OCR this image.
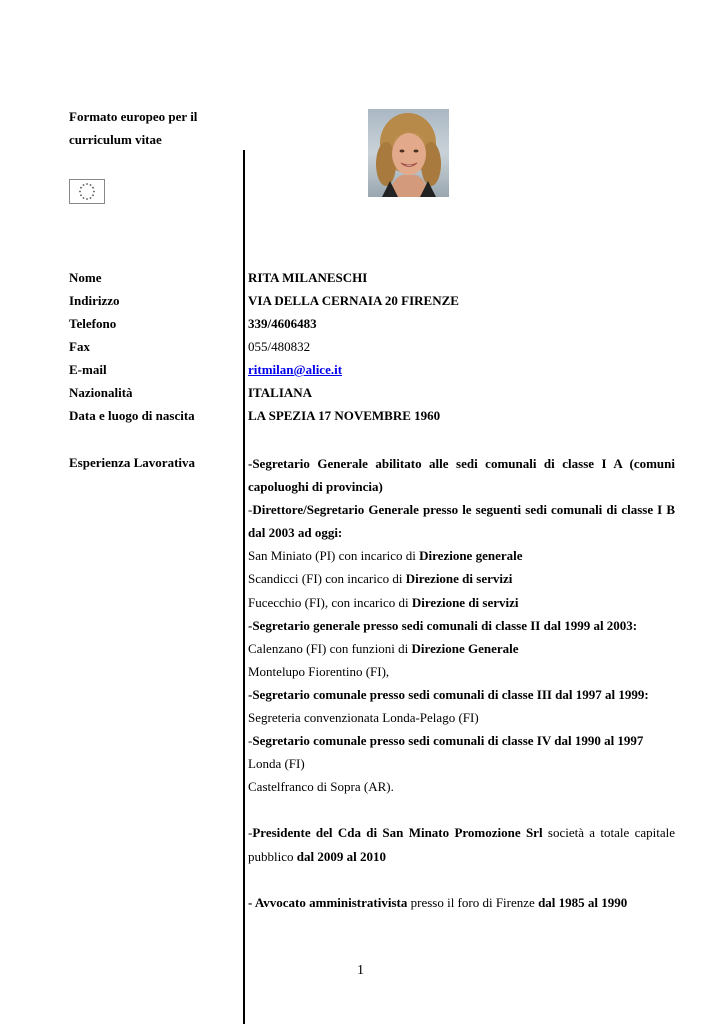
Formato europeo per il
curriculum vitae
Nome	RITA MILANESCHI
Indirizzo	VIA DELLA CERNAIA 20 FIRENZE
Telefono	339/4606483
Fax	055/480832
E-mail	ritmilan@alice.it
Nazionalità	ITALIANA
Data e luogo di nascita	LA SPEZIA 17 NOVEMBRE 1960
Esperienza Lavorativa	-Segretario Generale abilitato alle sedi comunali di classe I A (comuni capoluoghi di provincia)

-Direttore/Segretario Generale presso le seguenti sedi comunali di classe I B dal 2003 ad oggi:

San Miniato (PI) con incarico di Direzione generale

Scandicci (FI) con incarico di Direzione di servizi

Fucecchio (FI), con incarico di Direzione di servizi

-Segretario generale presso sedi comunali di classe II dal 1999 al 2003:

Calenzano (FI) con funzioni di Direzione Generale

Montelupo Fiorentino (FI),

-Segretario comunale presso sedi comunali di classe III dal 1997 al 1999:

Segreteria convenzionata Londa-Pelago (FI)

-Segretario comunale presso sedi comunali di classe IV dal 1990 al 1997

Londa (FI)

Castelfranco di Sopra (AR).

-Presidente del Cda di San Minato Promozione Srl società a totale capitale pubblico dal 2009 al 2010

- Avvocato amministrativista presso il foro di Firenze dal 1985 al 1990

1
